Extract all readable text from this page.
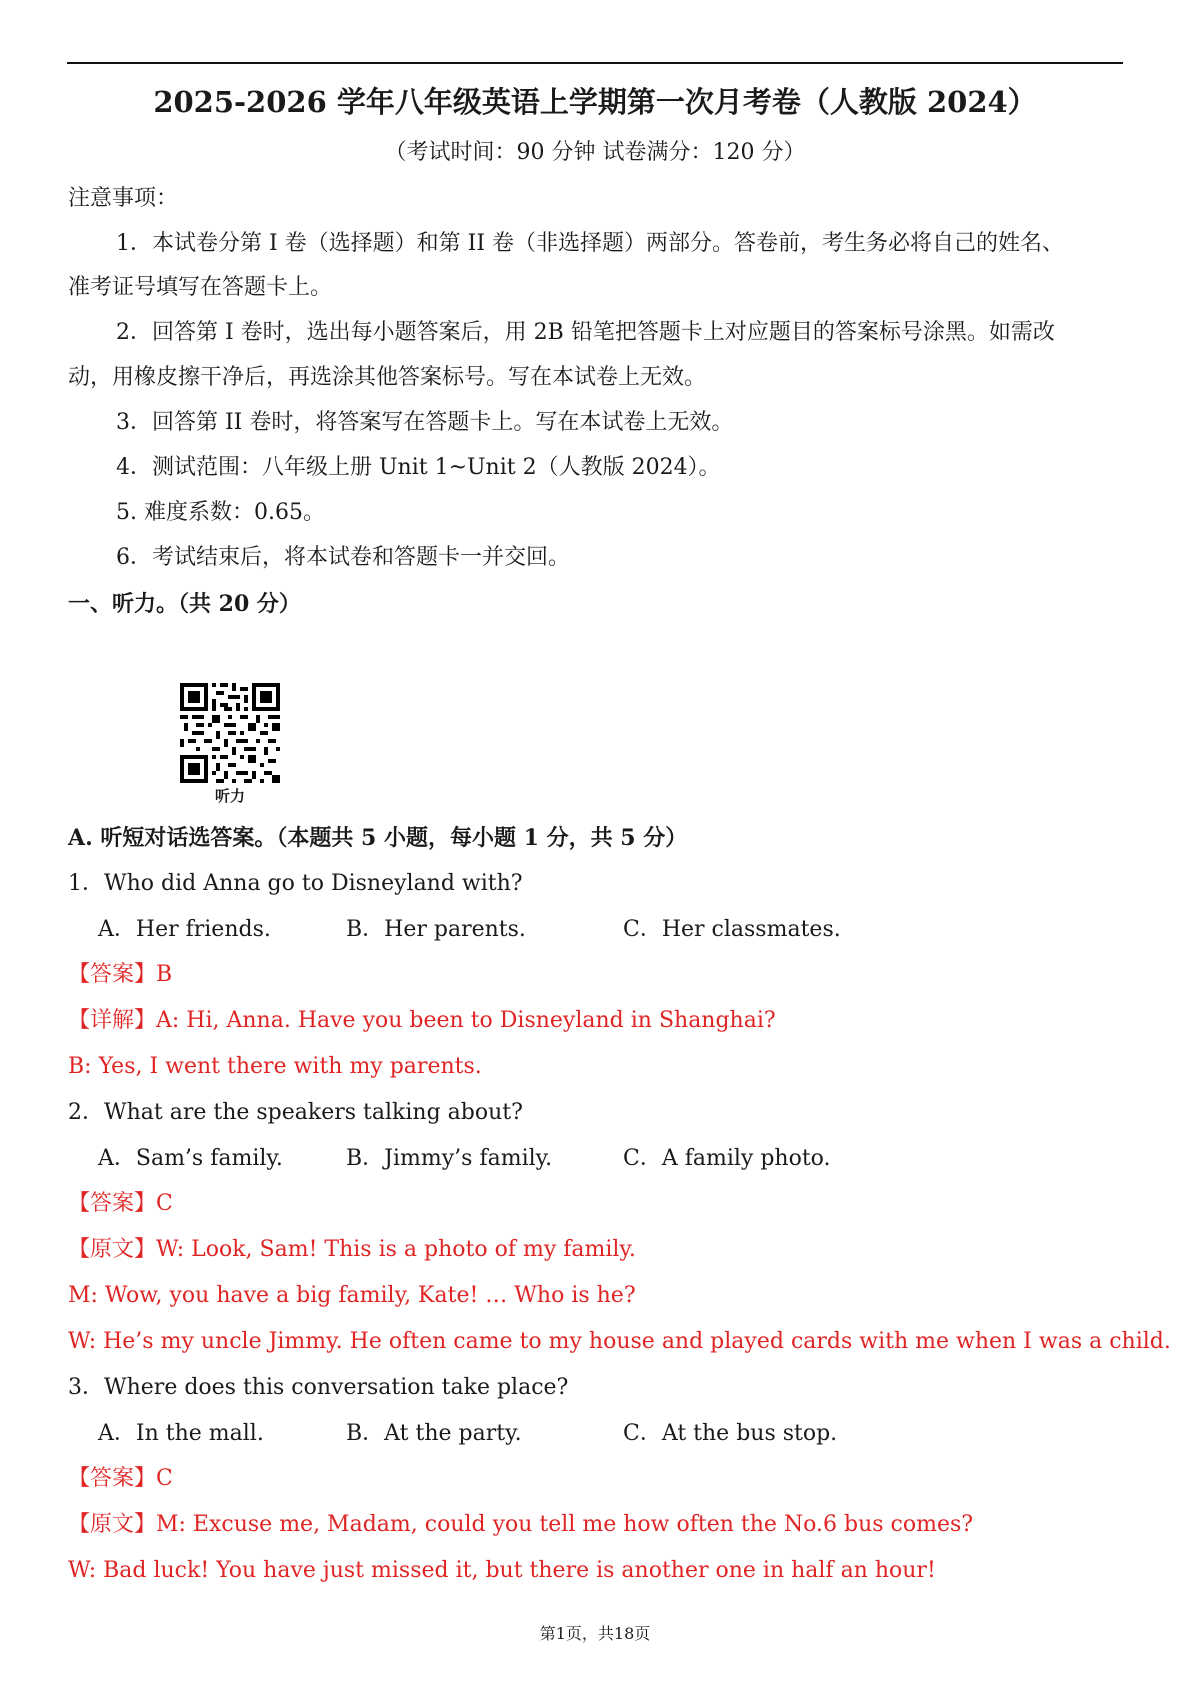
2025-2026 学年八年级英语上学期第一次月考卷（人教版 2024）
（考试时间：90 分钟 试卷满分：120 分）
注意事项：
1．本试卷分第 I 卷（选择题）和第 II 卷（非选择题）两部分。答卷前，考生务必将自己的姓名、
准考证号填写在答题卡上。
2．回答第 I 卷时，选出每小题答案后，用 2B 铅笔把答题卡上对应题目的答案标号涂黑。如需改
动，用橡皮擦干净后，再选涂其他答案标号。写在本试卷上无效。
3．回答第 II 卷时，将答案写在答题卡上。写在本试卷上无效。
4．测试范围：八年级上册 Unit 1~Unit 2（人教版 2024）。
5. 难度系数：0.65。
6．考试结束后，将本试卷和答题卡一并交回。
一、听力。（共 20 分）
听力
A. 听短对话选答案。（本题共 5 小题，每小题 1 分，共 5 分）
1．Who did Anna go to Disneyland with?
A．Her friends.	B．Her parents.	C．Her classmates.
【答案】B
【详解】A: Hi, Anna. Have you been to Disneyland in Shanghai?
B: Yes, I went there with my parents.
2．What are the speakers talking about?
A．Sam’s family.	B．Jimmy’s family.	C．A family photo.
【答案】C
【原文】W: Look, Sam! This is a photo of my family.
M: Wow, you have a big family, Kate! … Who is he?
W: He’s my uncle Jimmy. He often came to my house and played cards with me when I was a child.
3．Where does this conversation take place?
A．In the mall.	B．At the party.	C．At the bus stop.
【答案】C
【原文】M: Excuse me, Madam, could you tell me how often the No.6 bus comes?
W: Bad luck! You have just missed it, but there is another one in half an hour!
第1页，共18页
